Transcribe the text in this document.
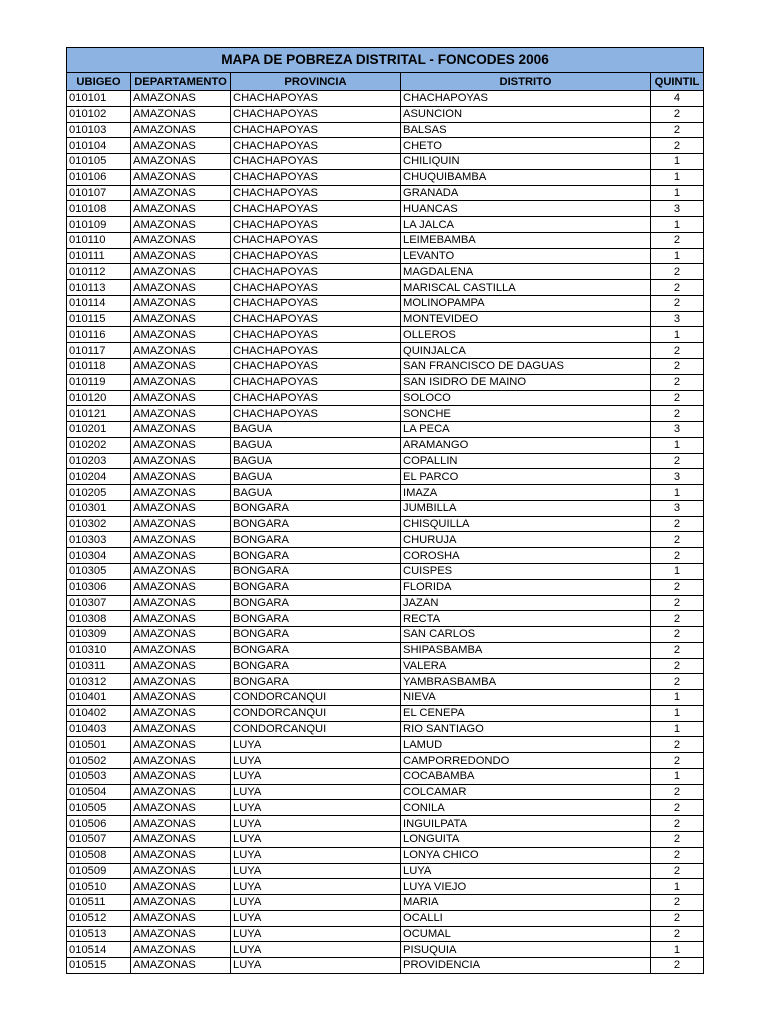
MAPA DE POBREZA DISTRITAL - FONCODES 2006				
UBIGEO	DEPARTAMENTO	PROVINCIA	DISTRITO	QUINTIL
010101	AMAZONAS	CHACHAPOYAS	CHACHAPOYAS	4
010102	AMAZONAS	CHACHAPOYAS	ASUNCION	2
010103	AMAZONAS	CHACHAPOYAS	BALSAS	2
010104	AMAZONAS	CHACHAPOYAS	CHETO	2
010105	AMAZONAS	CHACHAPOYAS	CHILIQUIN	1
010106	AMAZONAS	CHACHAPOYAS	CHUQUIBAMBA	1
010107	AMAZONAS	CHACHAPOYAS	GRANADA	1
010108	AMAZONAS	CHACHAPOYAS	HUANCAS	3
010109	AMAZONAS	CHACHAPOYAS	LA JALCA	1
010110	AMAZONAS	CHACHAPOYAS	LEIMEBAMBA	2
010111	AMAZONAS	CHACHAPOYAS	LEVANTO	1
010112	AMAZONAS	CHACHAPOYAS	MAGDALENA	2
010113	AMAZONAS	CHACHAPOYAS	MARISCAL CASTILLA	2
010114	AMAZONAS	CHACHAPOYAS	MOLINOPAMPA	2
010115	AMAZONAS	CHACHAPOYAS	MONTEVIDEO	3
010116	AMAZONAS	CHACHAPOYAS	OLLEROS	1
010117	AMAZONAS	CHACHAPOYAS	QUINJALCA	2
010118	AMAZONAS	CHACHAPOYAS	SAN FRANCISCO DE DAGUAS	2
010119	AMAZONAS	CHACHAPOYAS	SAN ISIDRO DE MAINO	2
010120	AMAZONAS	CHACHAPOYAS	SOLOCO	2
010121	AMAZONAS	CHACHAPOYAS	SONCHE	2
010201	AMAZONAS	BAGUA	LA PECA	3
010202	AMAZONAS	BAGUA	ARAMANGO	1
010203	AMAZONAS	BAGUA	COPALLIN	2
010204	AMAZONAS	BAGUA	EL PARCO	3
010205	AMAZONAS	BAGUA	IMAZA	1
010301	AMAZONAS	BONGARA	JUMBILLA	3
010302	AMAZONAS	BONGARA	CHISQUILLA	2
010303	AMAZONAS	BONGARA	CHURUJA	2
010304	AMAZONAS	BONGARA	COROSHA	2
010305	AMAZONAS	BONGARA	CUISPES	1
010306	AMAZONAS	BONGARA	FLORIDA	2
010307	AMAZONAS	BONGARA	JAZAN	2
010308	AMAZONAS	BONGARA	RECTA	2
010309	AMAZONAS	BONGARA	SAN CARLOS	2
010310	AMAZONAS	BONGARA	SHIPASBAMBA	2
010311	AMAZONAS	BONGARA	VALERA	2
010312	AMAZONAS	BONGARA	YAMBRASBAMBA	2
010401	AMAZONAS	CONDORCANQUI	NIEVA	1
010402	AMAZONAS	CONDORCANQUI	EL CENEPA	1
010403	AMAZONAS	CONDORCANQUI	RIO SANTIAGO	1
010501	AMAZONAS	LUYA	LAMUD	2
010502	AMAZONAS	LUYA	CAMPORREDONDO	2
010503	AMAZONAS	LUYA	COCABAMBA	1
010504	AMAZONAS	LUYA	COLCAMAR	2
010505	AMAZONAS	LUYA	CONILA	2
010506	AMAZONAS	LUYA	INGUILPATA	2
010507	AMAZONAS	LUYA	LONGUITA	2
010508	AMAZONAS	LUYA	LONYA CHICO	2
010509	AMAZONAS	LUYA	LUYA	2
010510	AMAZONAS	LUYA	LUYA VIEJO	1
010511	AMAZONAS	LUYA	MARIA	2
010512	AMAZONAS	LUYA	OCALLI	2
010513	AMAZONAS	LUYA	OCUMAL	2
010514	AMAZONAS	LUYA	PISUQUIA	1
010515	AMAZONAS	LUYA	PROVIDENCIA	2
